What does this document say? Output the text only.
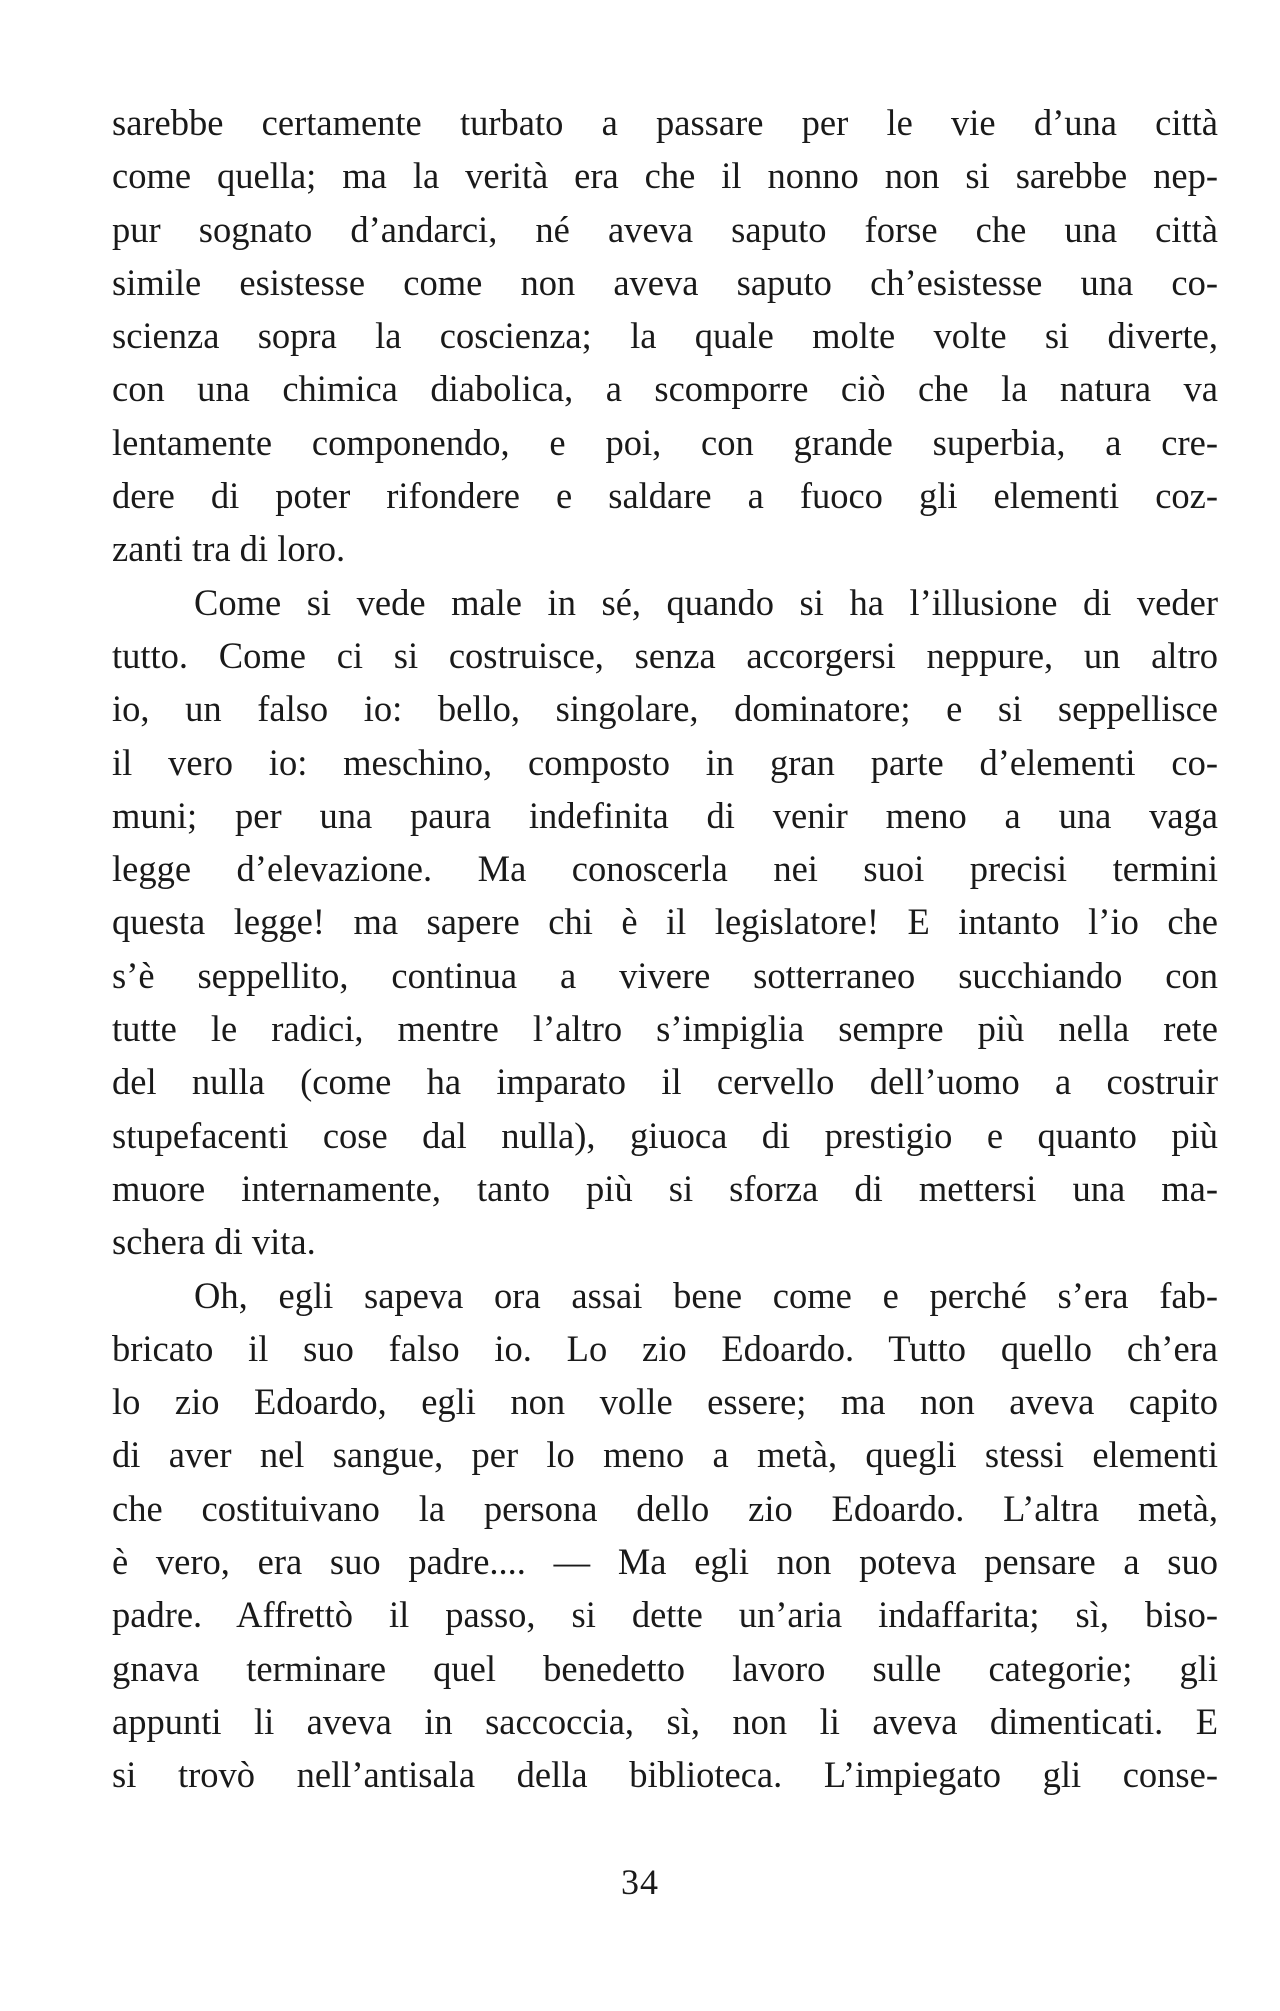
sarebbe certamente turbato a passare per le vie d’una città
come quella; ma la verità era che il nonno non si sarebbe nep-
pur sognato d’andarci, né aveva saputo forse che una città
simile esistesse come non aveva saputo ch’esistesse una co-
scienza sopra la coscienza; la quale molte volte si diverte,
con una chimica diabolica, a scomporre ciò che la natura va
lentamente componendo, e poi, con grande superbia, a cre-
dere di poter rifondere e saldare a fuoco gli elementi coz-
zanti tra di loro.
Come si vede male in sé, quando si ha l’illusione di veder
tutto. Come ci si costruisce, senza accorgersi neppure, un altro
io, un falso io: bello, singolare, dominatore; e si seppellisce
il vero io: meschino, composto in gran parte d’elementi co-
muni; per una paura indefinita di venir meno a una vaga
legge d’elevazione. Ma conoscerla nei suoi precisi termini
questa legge! ma sapere chi è il legislatore! E intanto l’io che
s’è seppellito, continua a vivere sotterraneo succhiando con
tutte le radici, mentre l’altro s’impiglia sempre più nella rete
del nulla (come ha imparato il cervello dell’uomo a costruir
stupefacenti cose dal nulla), giuoca di prestigio e quanto più
muore internamente, tanto più si sforza di mettersi una ma-
schera di vita.
Oh, egli sapeva ora assai bene come e perché s’era fab-
bricato il suo falso io. Lo zio Edoardo. Tutto quello ch’era
lo zio Edoardo, egli non volle essere; ma non aveva capito
di aver nel sangue, per lo meno a metà, quegli stessi elementi
che costituivano la persona dello zio Edoardo. L’altra metà,
è vero, era suo padre.... — Ma egli non poteva pensare a suo
padre. Affrettò il passo, si dette un’aria indaffarita; sì, biso-
gnava terminare quel benedetto lavoro sulle categorie; gli
appunti li aveva in saccoccia, sì, non li aveva dimenticati. E
si trovò nell’antisala della biblioteca. L’impiegato gli conse-
34
